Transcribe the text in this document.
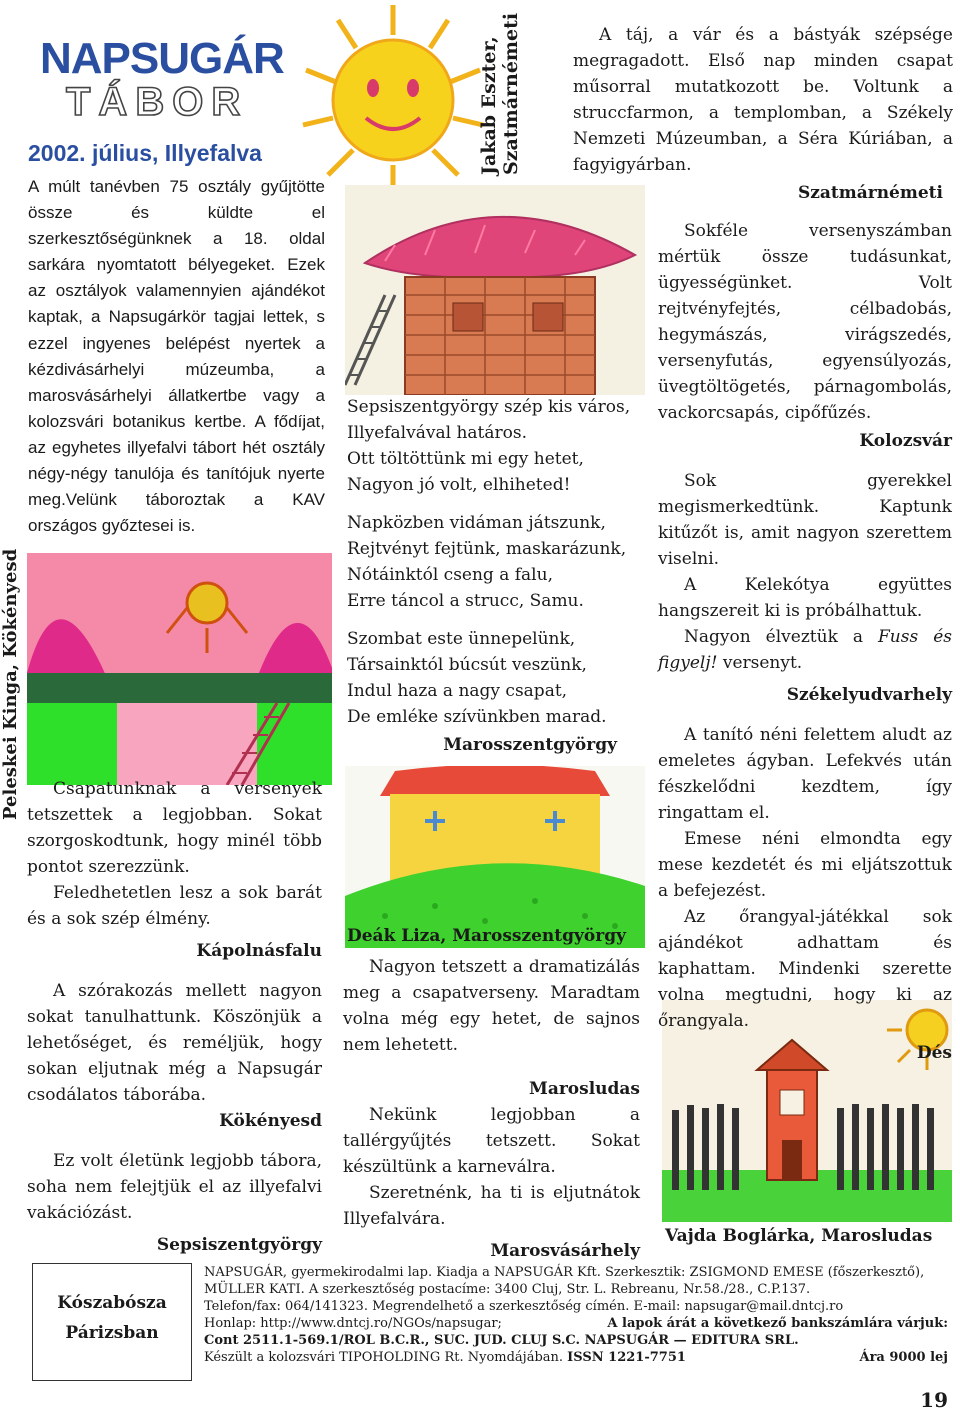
NAPSUGÁR
TÁBOR
2002. július, Illyefalva	Jakab Eszter, Szatmárnémeti
Peleskei Kinga, Kökényesd
A múlt tanévben 75 osztály gyűjtötte össze és küldte el szerkesztőségünknek a 18. oldal sarkára nyomtatott bélyegeket. Ezek az osztályok valamennyien ajándékot kaptak, a Napsugárkör tagjai lettek, s ezzel ingyenes belépést nyertek a kézdivásárhelyi múzeumba, a marosvásárhelyi állatkertbe vagy a kolozsvári botanikus kertbe. A fődíjat, az egyhetes illyefalvi tábort hét osztály négy-négy tanulója és tanítójuk nyerte meg.Velünk táboroztak a KAV országos győztesei is.

Csapatunknak a versenyek tetszettek a legjobban. Sokat szorgoskodtunk, hogy minél több pontot szerezzünk.

Feledhetetlen lesz a sok barát és a sok szép élmény.

Kápolnásfalu

A szórakozás mellett nagyon sokat tanulhattunk. Köszönjük a lehetőséget, és reméljük, hogy sokan eljutnak még a Napsugár csodálatos táborába.

Kökényesd

Ez volt életünk legjobb tábora, soha nem felejtjük el az illyefalvi vakációzást.

Sepsiszentgyörgy

Sepsiszentgyörgy szép kis város,
Illyefalvával határos.
Ott töltöttünk mi egy hetet,
Nagyon jó volt, elhiheted!

Napközben vidáman játszunk,
Rejtvényt fejtünk, maskarázunk,
Nótáinktól cseng a falu,
Erre táncol a strucc, Samu.

Szombat este ünnepelünk,
Társainktól búcsút veszünk,
Indul haza a nagy csapat,
De emléke szívünkben marad.

Marosszentgyörgy
Deák Liza, Marosszentgyörgy

Nagyon tetszett a dramatizálás meg a csapatverseny. Maradtam volna még egy hetet, de sajnos nem lehetett.

Marosludas

Nekünk legjobban a tallérgyűjtés tetszett. Sokat készültünk a karneválra.

Szeretnénk, ha ti is eljutnátok Illyefalvára.

Marosvásárhely

A táj, a vár és a bástyák szépsége megragadott. Első nap minden csapat műsorral mutatkozott be. Voltunk a struccfarmon, a templomban, a Székely Nemzeti Múzeumban, a Séra Kúriában, a fagyigyárban.

Szatmárnémeti

Sokféle versenyszámban mértük össze tudásunkat, ügyességünket. Volt rejtvényfejtés, célbadobás, hegymászás, virágszedés, versenyfutás, egyensúlyozás, üvegtöltögetés, párnagombolás, vackorcsapás, cipőfűzés.

Kolozsvár

Sok gyerekkel megismerkedtünk. Kaptunk kitűzőt is, amit nagyon szerettem viselni.

A Kelekótya együttes hangszereit ki is próbálhattuk.

Nagyon élveztük a Fuss és figyelj! versenyt.

Székelyudvarhely

A tanító néni felettem aludt az emeletes ágyban. Lefekvés után fészkelődni kezdtem, így ringattam el.

Emese néni elmondta egy mese kezdetét és mi eljátszottuk a befejezést.

Az őrangyal-játékkal sok ajándékot adhattam és kaphattam. Mindenki szerette volna megtudni, hogy ki az őrangyala.

Dés

Vajda Boglárka, Marosludas
Kószabósza
Párizsban
NAPSUGÁR, gyermekirodalmi lap. Kiadja a NAPSUGÁR Kft. Szerkesztik: ZSIGMOND EMESE (főszerkesztő),
MÜLLER KATI. A szerkesztőség postacíme: 3400 Cluj, Str. L. Rebreanu, Nr.58./28., C.P.137.
Telefon/fax: 064/141323. Megrendelhető a szerkesztőség címén. E-mail: napsugar@mail.dntcj.ro
Honlap: http://www.dntcj.ro/NGOs/napsugar;	A lapok árát a következő bankszámlára várjuk:
Cont 2511.1-569.1/ROL B.C.R., SUC. JUD. CLUJ S.C. NAPSUGÁR — EDITURA SRL.
Készült a kolozsvári TIPOHOLDING Rt. Nyomdájában. ISSN 1221-7751	Ára 9000 lej
19
